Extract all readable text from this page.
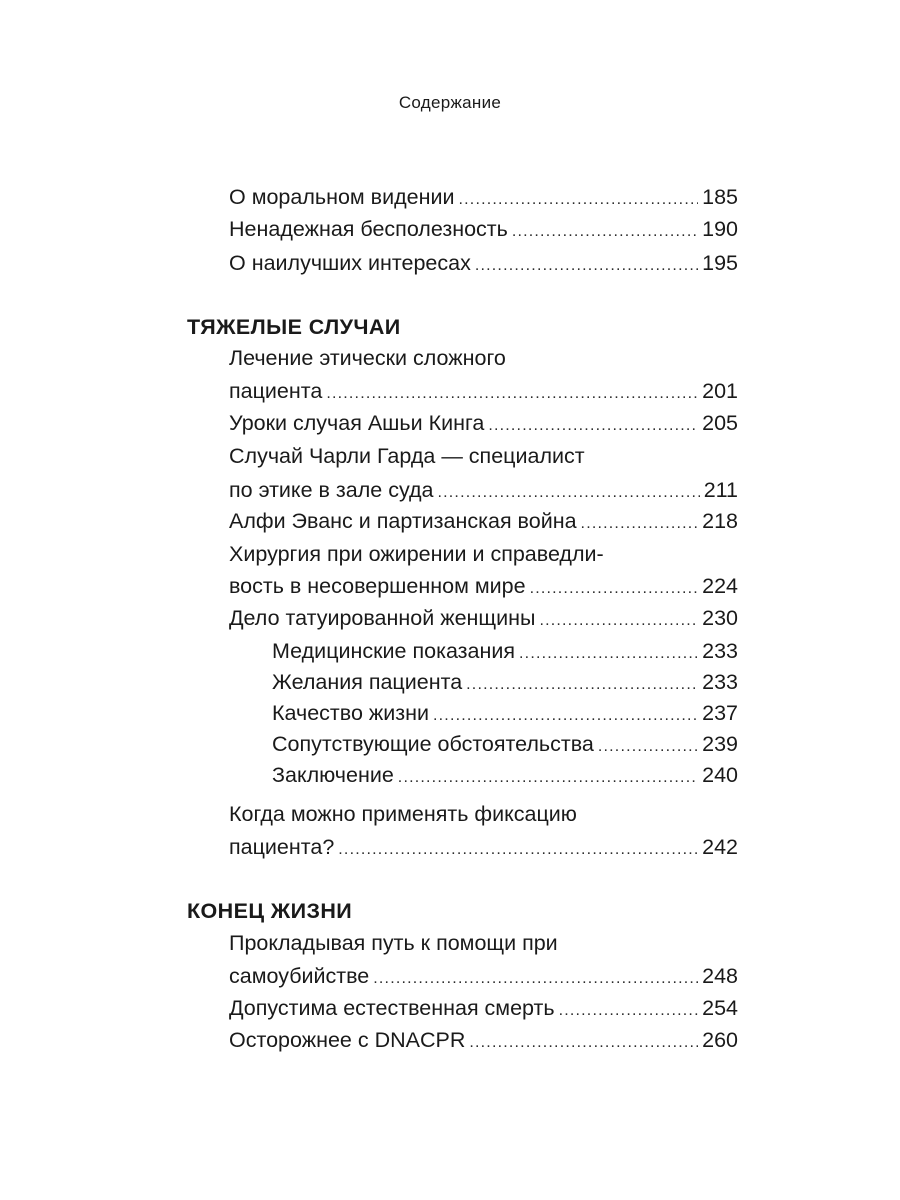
Содержание
О моральном видении .....	185
Ненадежная бесполезность .....	190
О наилучших интересах .....	195
ТЯЖЕЛЫЕ СЛУЧАИ
Лечение этически сложного
пациента .....	201
Уроки случая Ашьи Кинга .....	205
Случай Чарли Гарда — специалист
по этике в зале суда .....	211
Алфи Эванс и партизанская война .....	218
Хирургия при ожирении и справедли-
вость в несовершенном мире .....	224
Дело татуированной женщины .....	230
Медицинские показания .....	233
Желания пациента .....	233
Качество жизни .....	237
Сопутствующие обстоятельства .....	239
Заключение .....	240
Когда можно применять фиксацию
пациента? .....	242
КОНЕЦ ЖИЗНИ
Прокладывая путь к помощи при
самоубийстве .....	248
Допустима естественная смерть .....	254
Осторожнее с DNACPR .....	260
